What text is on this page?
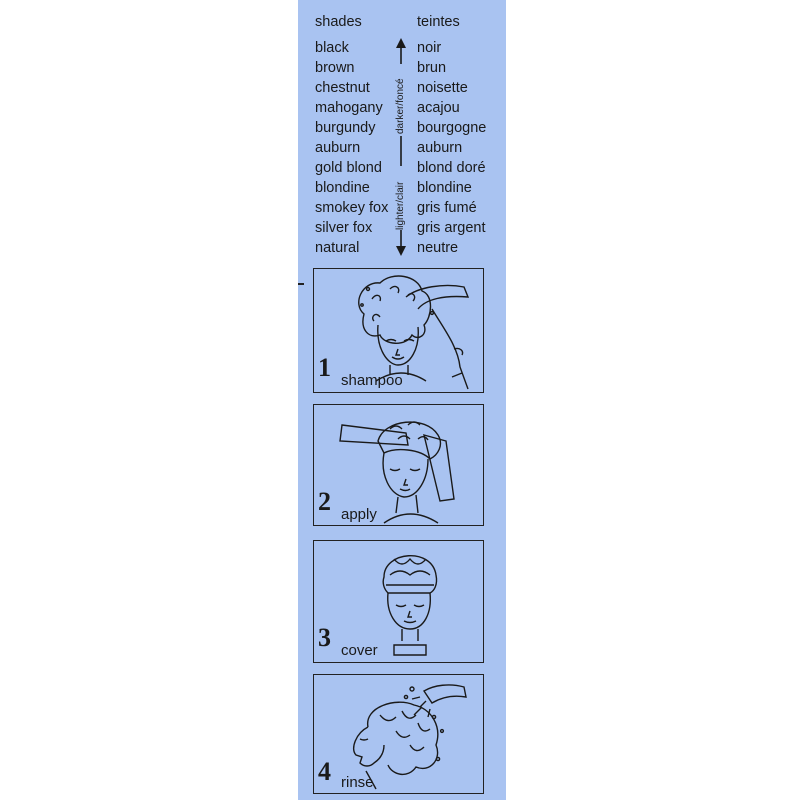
shades
black
brown
chestnut
mahogany
burgundy
auburn
gold blond
blondine
smokey fox
silver fox
natural
teintes
noir
brun
noisette
acajou
bourgogne
auburn
blond doré
blondine
gris fumé
gris argent
neutre
darker/foncé
lighter/clair
1 shampoo
2 apply
3 cover
4 rinse
